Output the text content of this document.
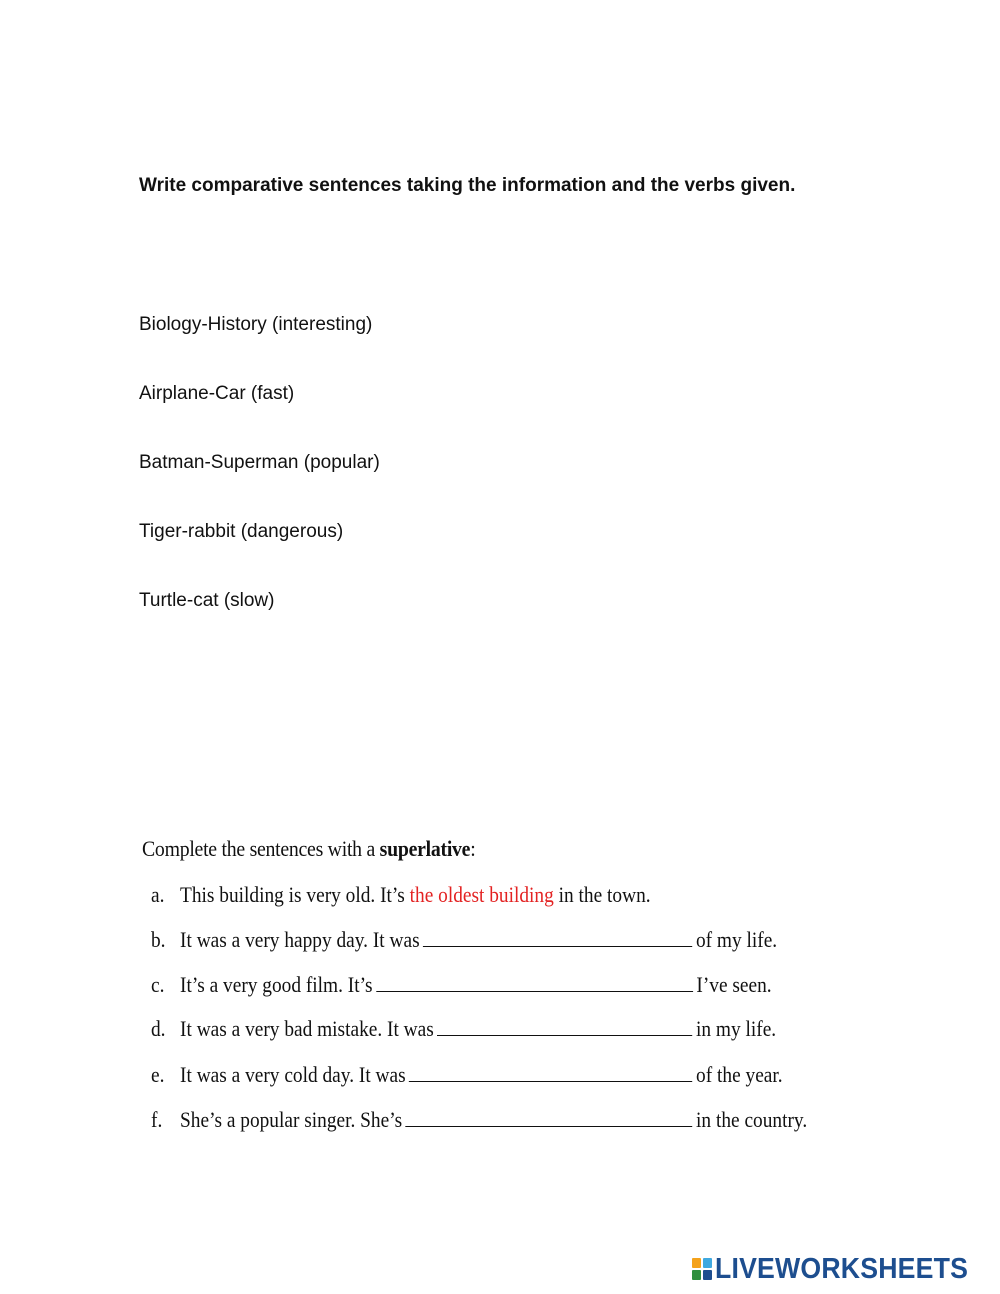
Write comparative sentences taking the information and the verbs given.
Biology-History (interesting)
Airplane-Car (fast)
Batman-Superman (popular)
Tiger-rabbit (dangerous)
Turtle-cat (slow)
Complete the sentences with a superlative:
a. This building is very old. It’s the oldest building in the town.
b. It was a very happy day. It was	of my life.
c. It’s a very good film. It’s	I’ve seen.
d. It was a very bad mistake. It was	in my life.
e. It was a very cold day. It was	of the year.
f. She’s a popular singer. She’s	in the country.
LIVEWORKSHEETS
